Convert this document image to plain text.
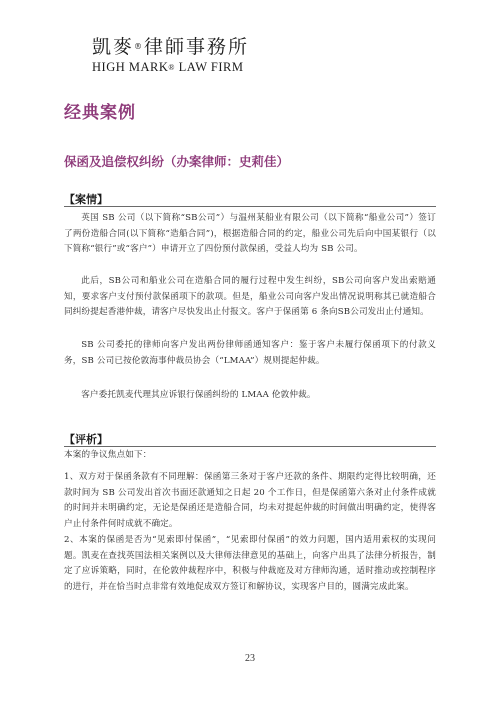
凱麥®律師事務所
HIGH MARK® LAW FIRM
经典案例
保函及追偿权纠纷（办案律师：史莉佳）
【案情】
英国 SB 公司（以下简称“SB公司”）与温州某船业有限公司（以下简称“船业公司”）签订了两份造船合同(以下简称“造船合同”)，根据造船合同的约定，船业公司先后向中国某银行（以下简称“银行”或“客户”）申请开立了四份预付款保函，受益人均为 SB 公司。
此后，SB公司和船业公司在造船合同的履行过程中发生纠纷，SB公司向客户发出索赔通知，要求客户支付预付款保函项下的款项。但是，船业公司向客户发出情况说明称其已就造船合同纠纷提起香港仲裁，请客户尽快发出止付报文。客户于保函第 6 条向SB公司发出止付通知。
SB 公司委托的律师向客户发出两份律师函通知客户：鉴于客户未履行保函项下的付款义务，SB 公司已按伦敦海事仲裁员协会（“LMAA”）规则提起仲裁。
客户委托凯麦代理其应诉银行保函纠纷的 LMAA 伦敦仲裁。
【评析】
本案的争议焦点如下：
1、双方对于保函条款有不同理解：保函第三条对于客户还款的条件、期限约定得比较明确，还款时间为 SB 公司发出首次书面还款通知之日起 20 个工作日，但是保函第六条对止付条件成就的时间并未明确约定，无论是保函还是造船合同，均未对提起仲裁的时间做出明确约定，使得客户止付条件何时成就不确定。
2、本案的保函是否为“见索即付保函”，“见索即付保函”的效力问题，国内适用索权的实现问题。凯麦在查找英国法相关案例以及大律师法律意见的基础上，向客户出具了法律分析报告，制定了应诉策略，同时，在伦敦仲裁程序中，积极与仲裁庭及对方律师沟通，适时推动或控制程序的进行，并在恰当时点非常有效地促成双方签订和解协议，实现客户目的，圆满完成此案。
23
